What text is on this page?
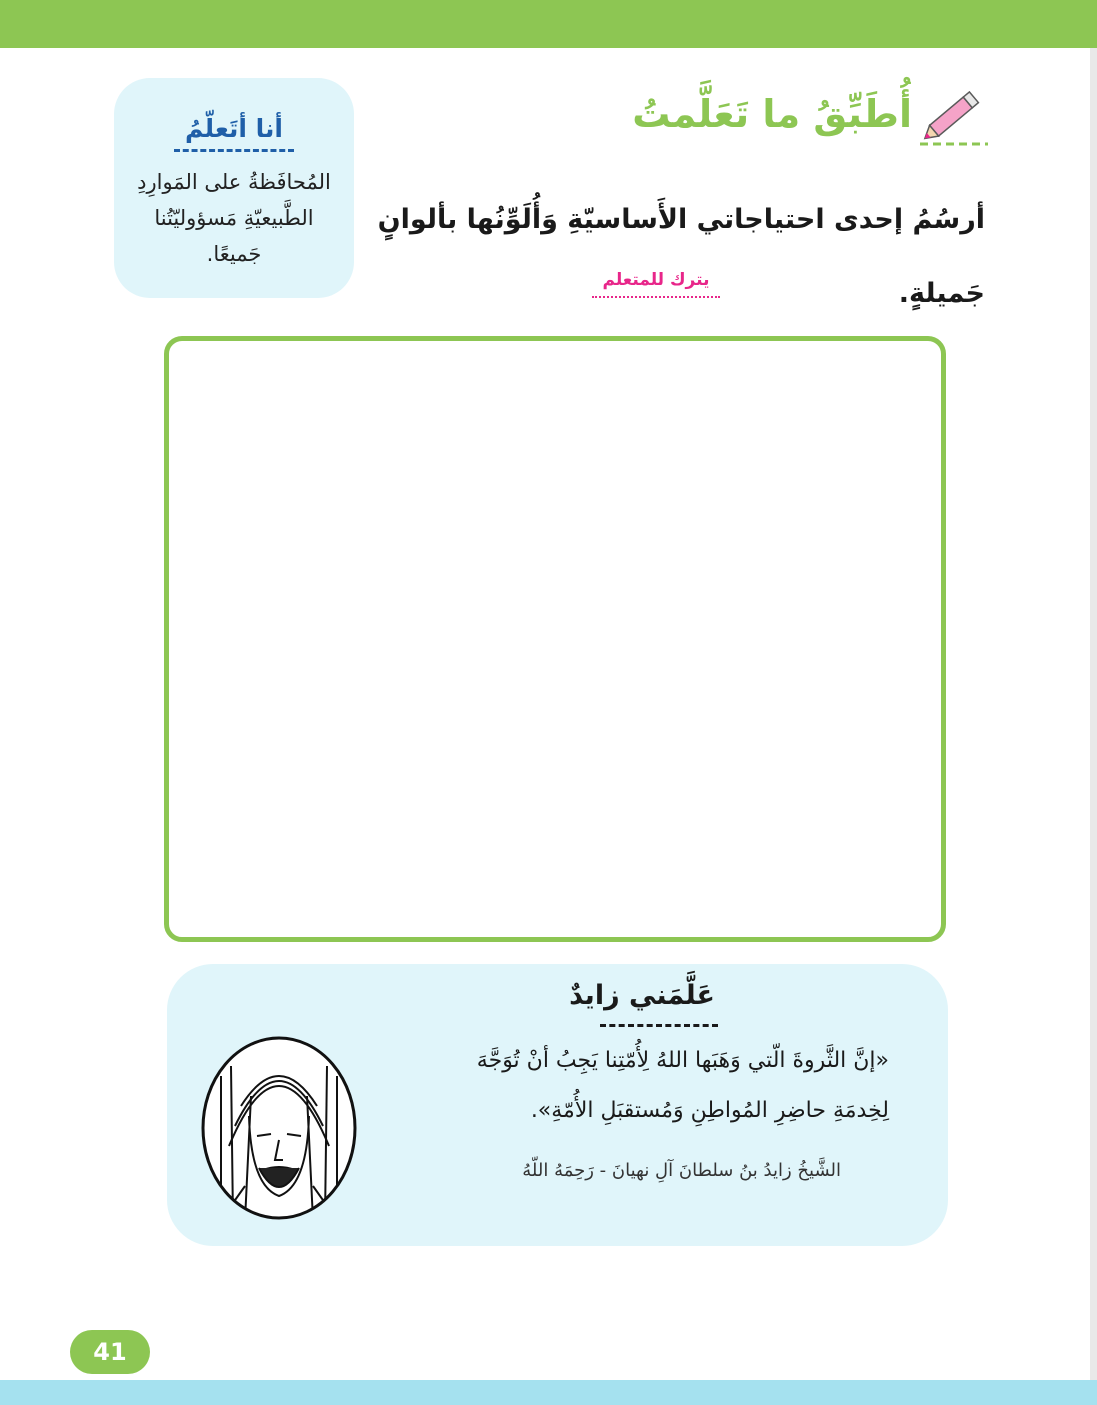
أنا أتَعلّمُ
المُحافَظةُ على المَوارِدِ الطَّبيعيّةِ مَسؤوليّتُنا جَميعًا.
أُطَبِّقُ ما تَعَلَّمتُ
أرسُمُ إحدى احتياجاتي الأَساسيّةِ وَأُلَوِّنُها بألوانٍ
جَميلةٍ.
يترك للمتعلم
عَلَّمَني زايدٌ
«إنَّ الثَّروةَ الّتي وَهَبَها اللهُ لِأُمّتِنا يَجِبُ أنْ تُوَجَّهَ
لِخِدمَةِ حاضِرِ المُواطِنِ وَمُستقبَلِ الأُمّةِ».
الشَّيخُ زايدُ بنُ سلطانَ آلِ نهيانَ - رَحِمَهُ اللّهُ
41
